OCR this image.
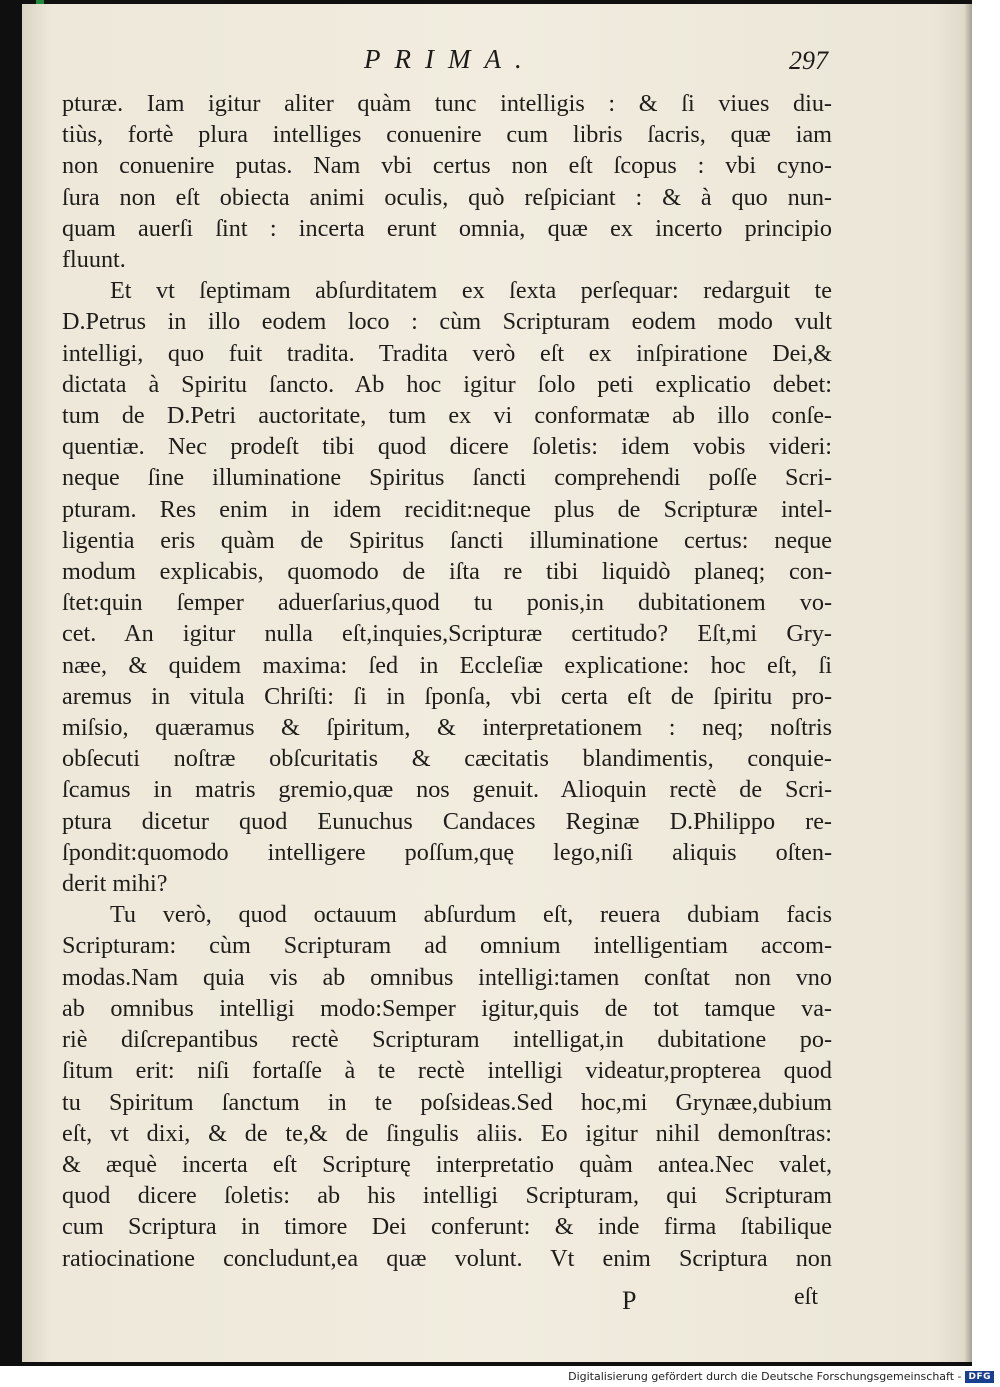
PRIMA.	297
pturæ. Iam igitur aliter quàm tunc intelligis : & ſi viues diu-
tiùs, fortè plura intelliges conuenire cum libris ſacris, quæ iam
non conuenire putas. Nam vbi certus non eſt ſcopus : vbi cyno-
ſura non eſt obiecta animi oculis, quò reſpiciant : & à quo nun-
quam auerſi ſint : incerta erunt omnia, quæ ex incerto principio
fluunt.
Et vt ſeptimam abſurditatem ex ſexta perſequar: redarguit te
D.Petrus in illo eodem loco : cùm Scripturam eodem modo vult
intelligi, quo fuit tradita. Tradita verò eſt ex inſpiratione Dei,&
dictata à Spiritu ſancto. Ab hoc igitur ſolo peti explicatio debet:
tum de D.Petri auctoritate, tum ex vi conformatæ ab illo conſe-
quentiæ. Nec prodeſt tibi quod dicere ſoletis: idem vobis videri:
neque ſine illuminatione Spiritus ſancti comprehendi poſſe Scri-
pturam. Res enim in idem recidit:neque plus de Scripturæ intel-
ligentia eris quàm de Spiritus ſancti illuminatione certus: neque
modum explicabis, quomodo de iſta re tibi liquidò planeq; con-
ſtet:quin ſemper aduerſarius,quod tu ponis,in dubitationem vo-
cet. An igitur nulla eſt,inquies,Scripturæ certitudo? Eſt,mi Gry-
næe, & quidem maxima: ſed in Eccleſiæ explicatione: hoc eſt, ſi
aremus in vitula Chriſti: ſi in ſponſa, vbi certa eſt de ſpiritu pro-
miſsio, quæramus & ſpiritum, & interpretationem : neq; noſtris
obſecuti noſtræ obſcuritatis & cæcitatis blandimentis, conquie-
ſcamus in matris gremio,quæ nos genuit. Alioquin rectè de Scri-
ptura dicetur quod Eunuchus Candaces Reginæ D.Philippo re-
ſpondit:quomodo intelligere poſſum,quę lego,niſi aliquis oſten-
derit mihi?
Tu verò, quod octauum abſurdum eſt, reuera dubiam facis
Scripturam: cùm Scripturam ad omnium intelligentiam accom-
modas.Nam quia vis ab omnibus intelligi:tamen conſtat non vno
ab omnibus intelligi modo:Semper igitur,quis de tot tamque va-
riè diſcrepantibus rectè Scripturam intelligat,in dubitatione po-
ſitum erit: niſi fortaſſe à te rectè intelligi videatur,propterea quod
tu Spiritum ſanctum in te poſsideas.Sed hoc,mi Grynæe,dubium
eſt, vt dixi, & de te,& de ſingulis aliis. Eo igitur nihil demonſtras:
& æquè incerta eſt Scripturę interpretatio quàm antea.Nec valet,
quod dicere ſoletis: ab his intelligi Scripturam, qui Scripturam
cum Scriptura in timore Dei conferunt: & inde firma ſtabilique
ratiocinatione concludunt,ea quæ volunt. Vt enim Scriptura non
P	eſt
Digitalisierung gefördert durch die Deutsche Forschungsgemeinschaft - DFG
